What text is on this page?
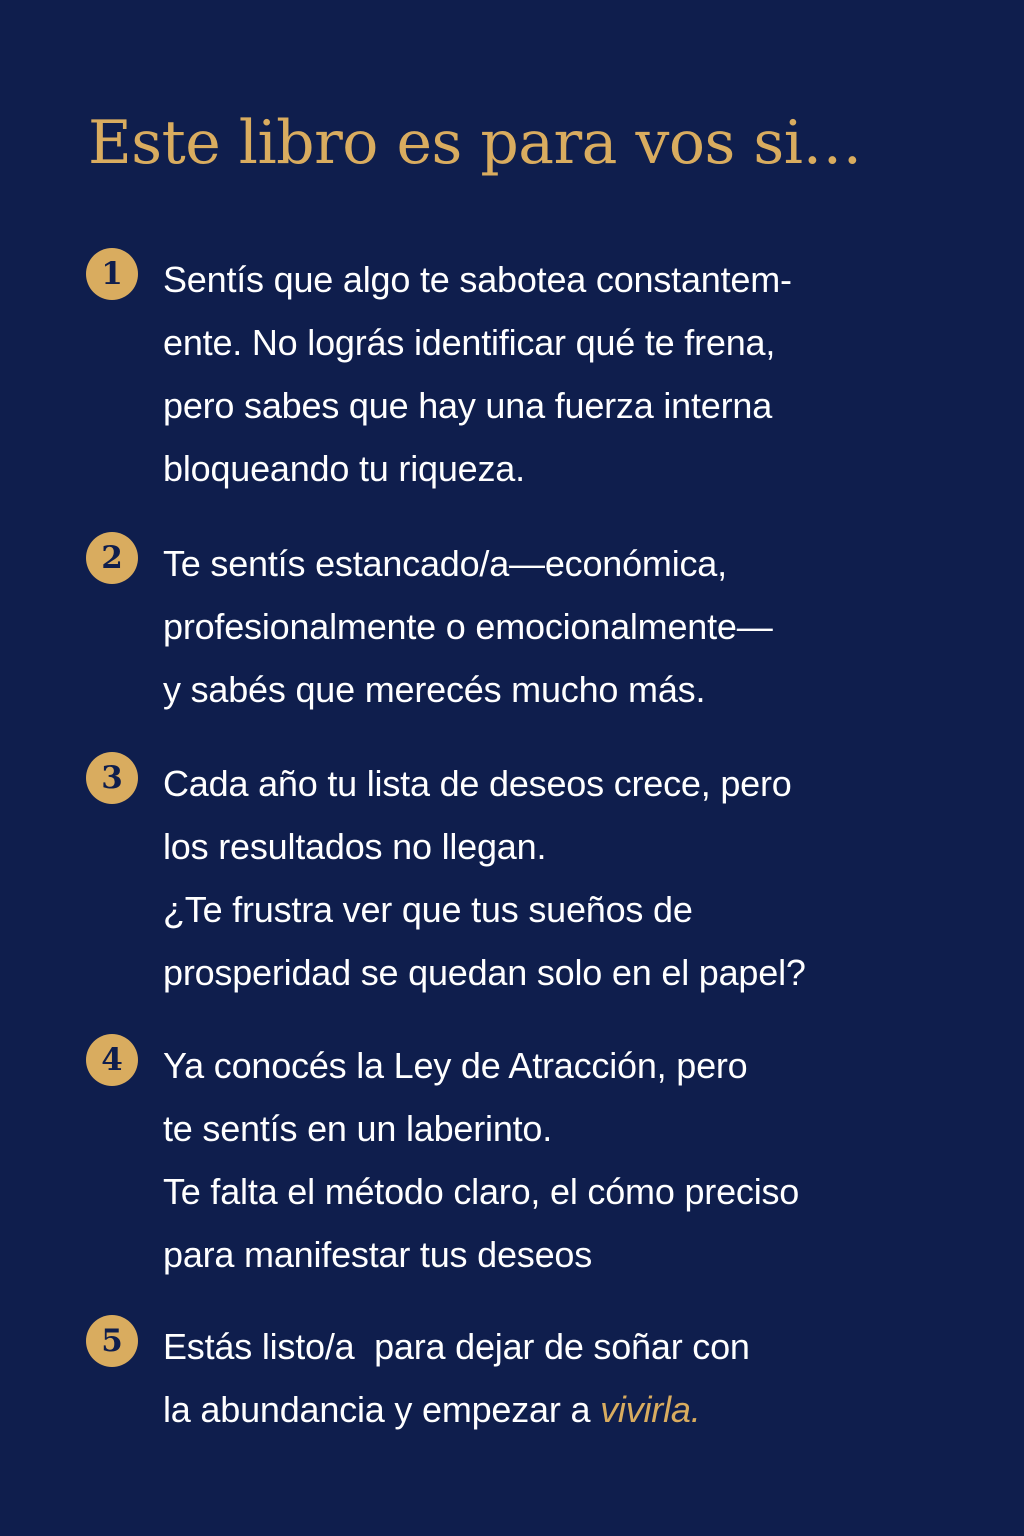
Este libro es para vos si…
1	Sentís que algo te sabotea constantem-
ente. No lográs identificar qué te frena,
pero sabes que hay una fuerza interna
bloqueando tu riqueza.
2	Te sentís estancado/a—económica,
profesionalmente o emocionalmente—
y sabés que merecés mucho más.
3	Cada año tu lista de deseos crece, pero
los resultados no llegan.
¿Te frustra ver que tus sueños de
prosperidad se quedan solo en el papel?
4	Ya conocés la Ley de Atracción, pero
te sentís en un laberinto.
Te falta el método claro, el cómo preciso
para manifestar tus deseos
5	Estás listo/a  para dejar de soñar con
la abundancia y empezar a vivirla.
